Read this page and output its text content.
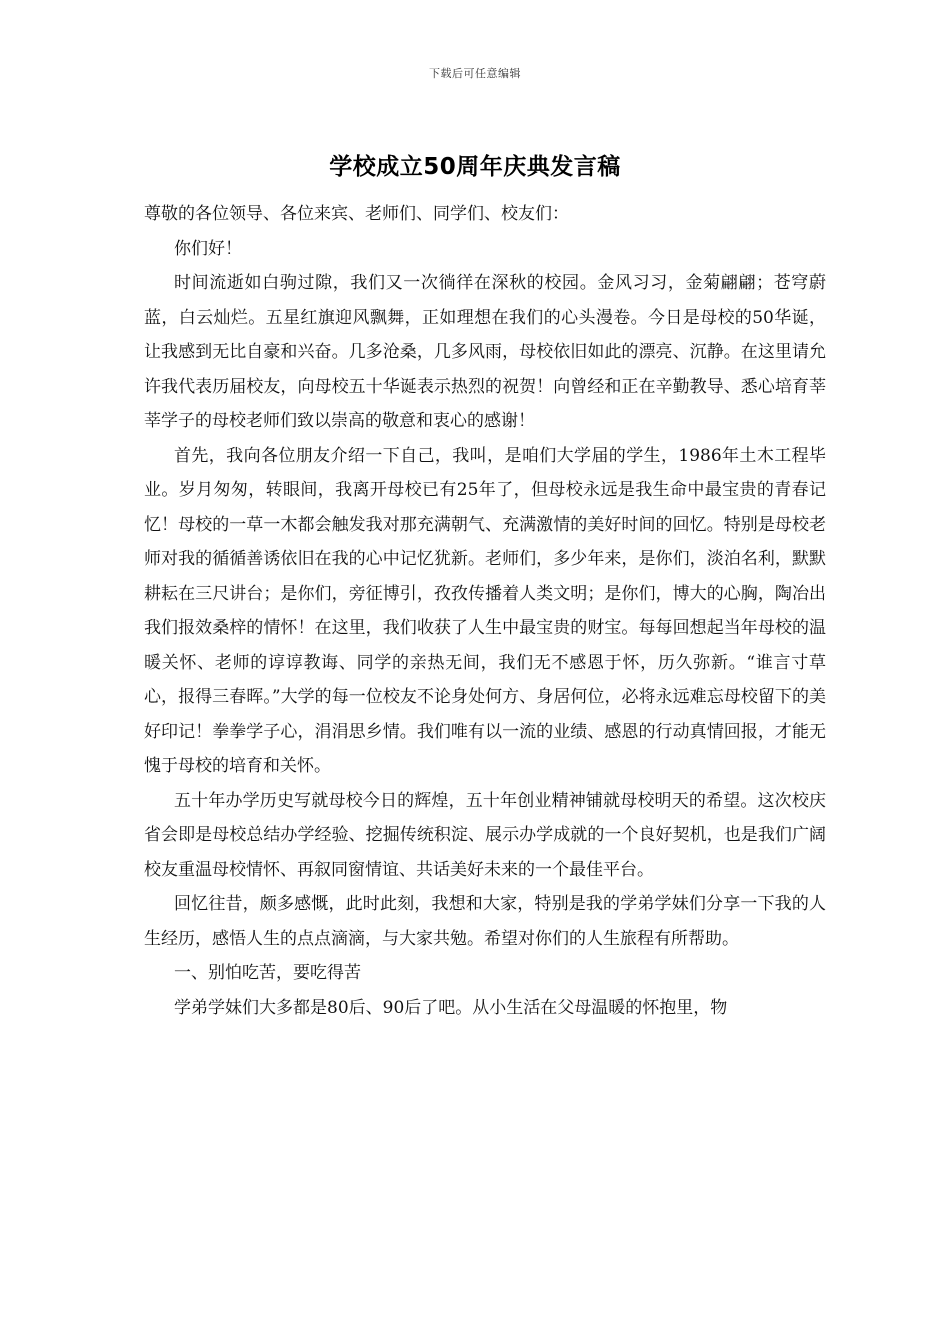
下载后可任意编辑
学校成立50周年庆典发言稿

尊敬的各位领导、各位来宾、老师们、同学们、校友们：

你们好！

时间流逝如白驹过隙，我们又一次徜徉在深秋的校园。金风习习，金菊翩翩；苍穹蔚蓝，白云灿烂。五星红旗迎风飘舞，正如理想在我们的心头漫卷。今日是母校的50华诞，让我感到无比自豪和兴奋。几多沧桑，几多风雨，母校依旧如此的漂亮、沉静。在这里请允许我代表历届校友，向母校五十华诞表示热烈的祝贺！向曾经和正在辛勤教导、悉心培育莘莘学子的母校老师们致以崇高的敬意和衷心的感谢！

首先，我向各位朋友介绍一下自己，我叫，是咱们大学届的学生，1986年土木工程毕业。岁月匆匆，转眼间，我离开母校已有25年了，但母校永远是我生命中最宝贵的青春记忆！母校的一草一木都会触发我对那充满朝气、充满激情的美好时间的回忆。特别是母校老师对我的循循善诱依旧在我的心中记忆犹新。老师们，多少年来，是你们，淡泊名利，默默耕耘在三尺讲台；是你们，旁征博引，孜孜传播着人类文明；是你们，博大的心胸，陶冶出我们报效桑梓的情怀！在这里，我们收获了人生中最宝贵的财宝。每每回想起当年母校的温暖关怀、老师的谆谆教诲、同学的亲热无间，我们无不感恩于怀，历久弥新。“谁言寸草心，报得三春晖。”大学的每一位校友不论身处何方、身居何位，必将永远难忘母校留下的美好印记！拳拳学子心，涓涓思乡情。我们唯有以一流的业绩、感恩的行动真情回报，才能无愧于母校的培育和关怀。

五十年办学历史写就母校今日的辉煌，五十年创业精神铺就母校明天的希望。这次校庆省会即是母校总结办学经验、挖掘传统积淀、展示办学成就的一个良好契机，也是我们广阔校友重温母校情怀、再叙同窗情谊、共话美好未来的一个最佳平台。

回忆往昔，颇多感慨，此时此刻，我想和大家，特别是我的学弟学妹们分享一下我的人生经历，感悟人生的点点滴滴，与大家共勉。希望对你们的人生旅程有所帮助。

一、别怕吃苦，要吃得苦

学弟学妹们大多都是80后、90后了吧。从小生活在父母温暖的怀抱里，物
